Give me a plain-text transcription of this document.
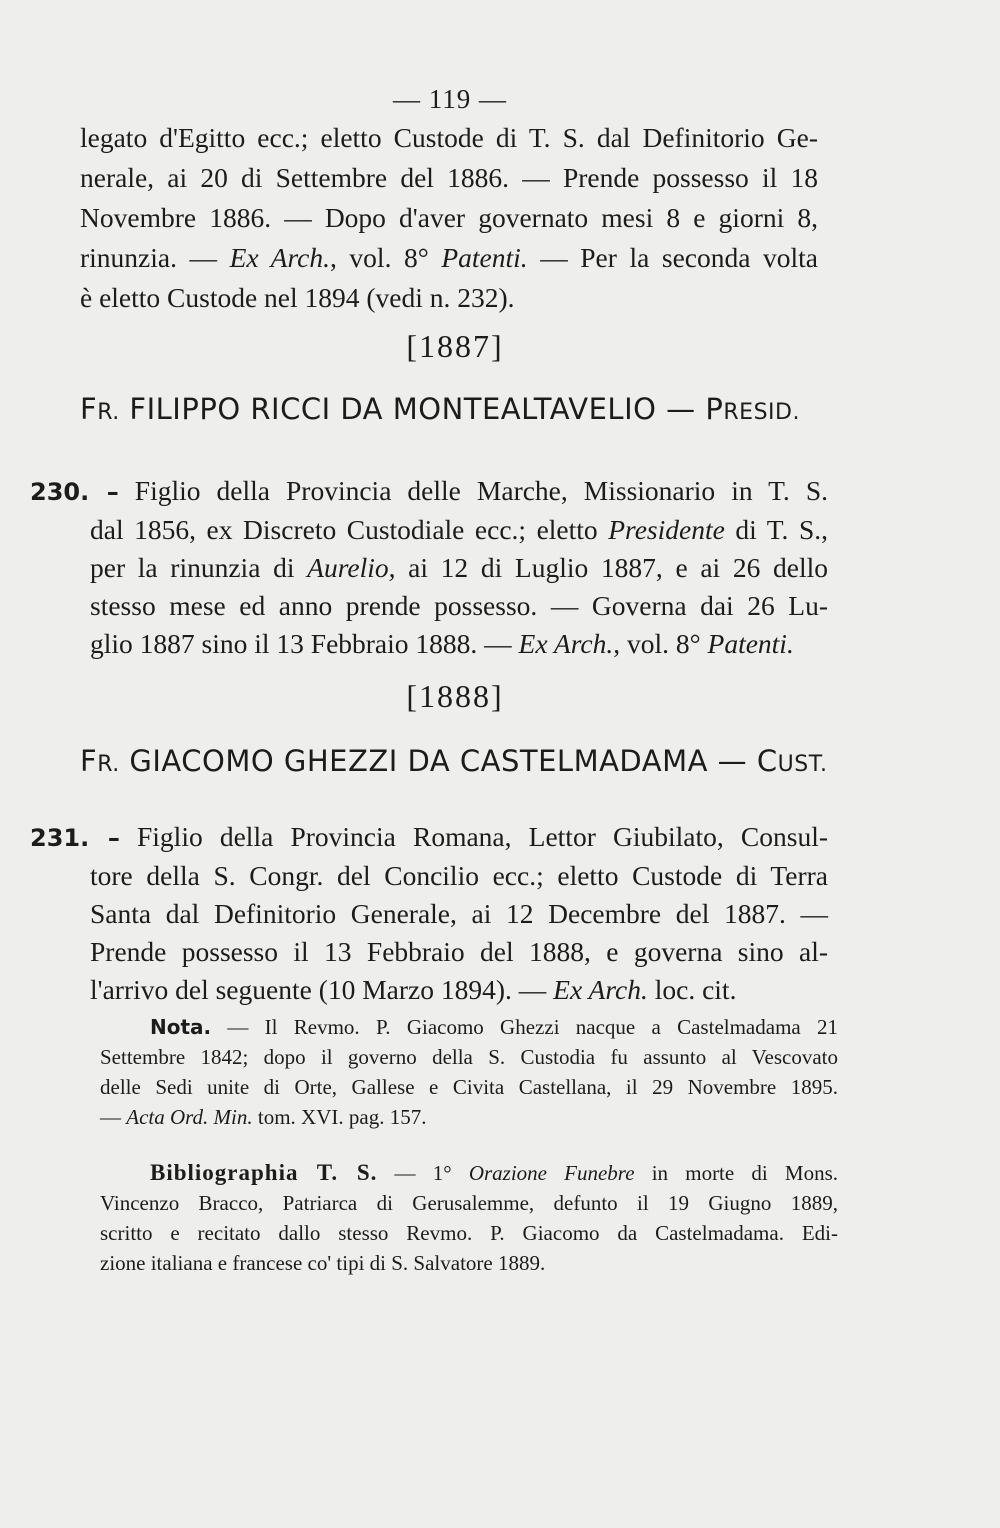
— 119 —

legato d'Egitto ecc.; eletto Custode di T. S. dal Definitorio Ge-
nerale, ai 20 di Settembre del 1886. — Prende possesso il 18
Novembre 1886. — Dopo d'aver governato mesi 8 e giorni 8,
rinunzia. — Ex Arch., vol. 8° Patenti. — Per la seconda volta
è eletto Custode nel 1894 (vedi n. 232).

[1887]
FR. FILIPPO RICCI DA MONTEALTAVELIO — PRESID.

230. – Figlio della Provincia delle Marche, Missionario in T. S.
dal 1856, ex Discreto Custodiale ecc.; eletto Presidente di T. S.,
per la rinunzia di Aurelio, ai 12 di Luglio 1887, e ai 26 dello
stesso mese ed anno prende possesso. — Governa dai 26 Lu-
glio 1887 sino il 13 Febbraio 1888. — Ex Arch., vol. 8° Patenti.

[1888]
FR. GIACOMO GHEZZI DA CASTELMADAMA — CUST.

231. – Figlio della Provincia Romana, Lettor Giubilato, Consul-
tore della S. Congr. del Concilio ecc.; eletto Custode di Terra
Santa dal Definitorio Generale, ai 12 Decembre del 1887. —
Prende possesso il 13 Febbraio del 1888, e governa sino al-
l'arrivo del seguente (10 Marzo 1894). — Ex Arch. loc. cit.

Nota. — Il Revmo. P. Giacomo Ghezzi nacque a Castelmadama 21
Settembre 1842; dopo il governo della S. Custodia fu assunto al Vescovato
delle Sedi unite di Orte, Gallese e Civita Castellana, il 29 Novembre 1895.
— Acta Ord. Min. tom. XVI. pag. 157.

Bibliographia T. S. — 1° Orazione Funebre in morte di Mons.
Vincenzo Bracco, Patriarca di Gerusalemme, defunto il 19 Giugno 1889,
scritto e recitato dallo stesso Revmo. P. Giacomo da Castelmadama. Edi-
zione italiana e francese co' tipi di S. Salvatore 1889.
